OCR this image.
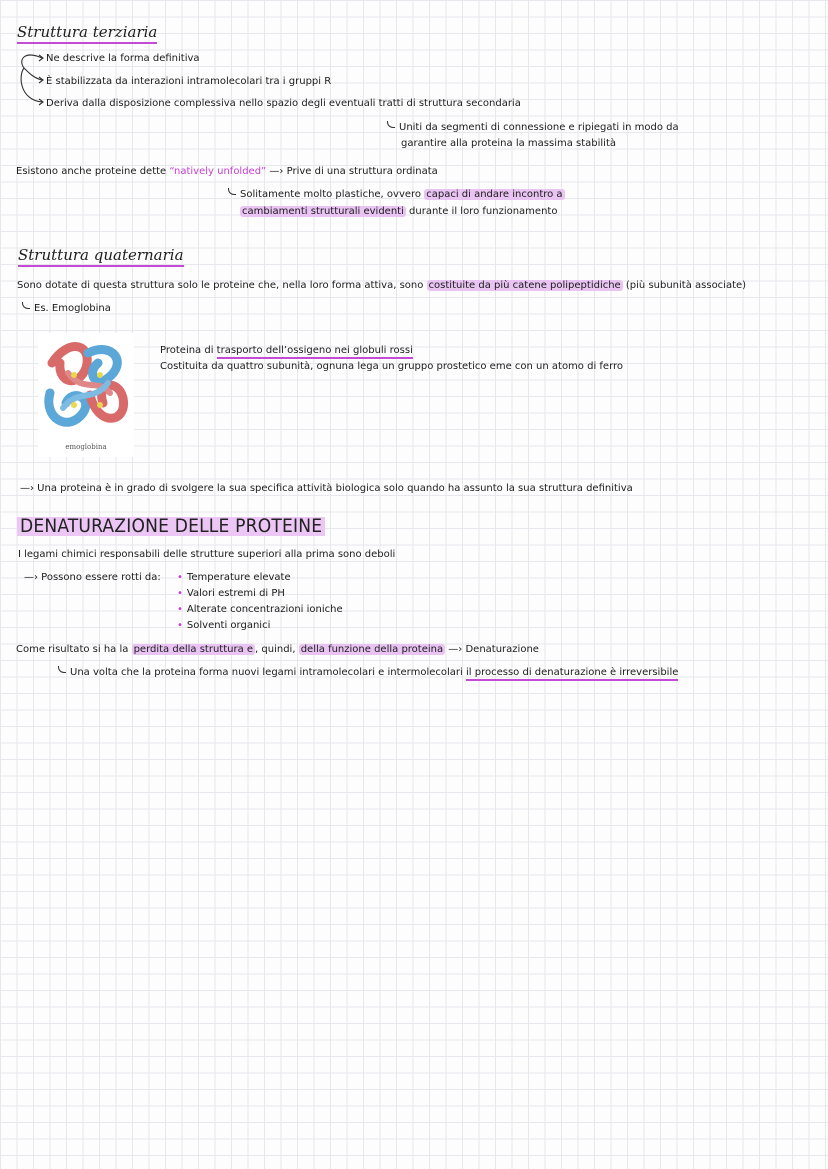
Struttura terziaria
Ne descrive la forma definitiva
È stabilizzata da interazioni intramolecolari tra i gruppi R
Deriva dalla disposizione complessiva nello spazio degli eventuali tratti di struttura secondaria
Uniti da segmenti di connessione e ripiegati in modo da
garantire alla proteina la massima stabilità
Esistono anche proteine dette “natively unfolded” —› Prive di una struttura ordinata
Solitamente molto plastiche, ovvero capaci di andare incontro a
cambiamenti strutturali evidenti durante il loro funzionamento
Struttura quaternaria
Sono dotate di questa struttura solo le proteine che, nella loro forma attiva, sono costituite da più catene polipeptidiche (più subunità associate)
Es. Emoglobina
emoglobina
Proteina di trasporto dell’ossigeno nei globuli rossi
Costituita da quattro subunità, ognuna lega un gruppo prostetico eme con un atomo di ferro
—› Una proteina è in grado di svolgere la sua specifica attività biologica solo quando ha assunto la sua struttura definitiva
DENATURAZIONE DELLE PROTEINE
I legami chimici responsabili delle strutture superiori alla prima sono deboli
—› Possono essere rotti da: • Temperature elevate
• Valori estremi di PH
• Alterate concentrazioni ioniche
• Solventi organici
Come risultato si ha la perdita della struttura e , quindi, della funzione della proteina —› Denaturazione
Una volta che la proteina forma nuovi legami intramolecolari e intermolecolari il processo di denaturazione è irreversibile
